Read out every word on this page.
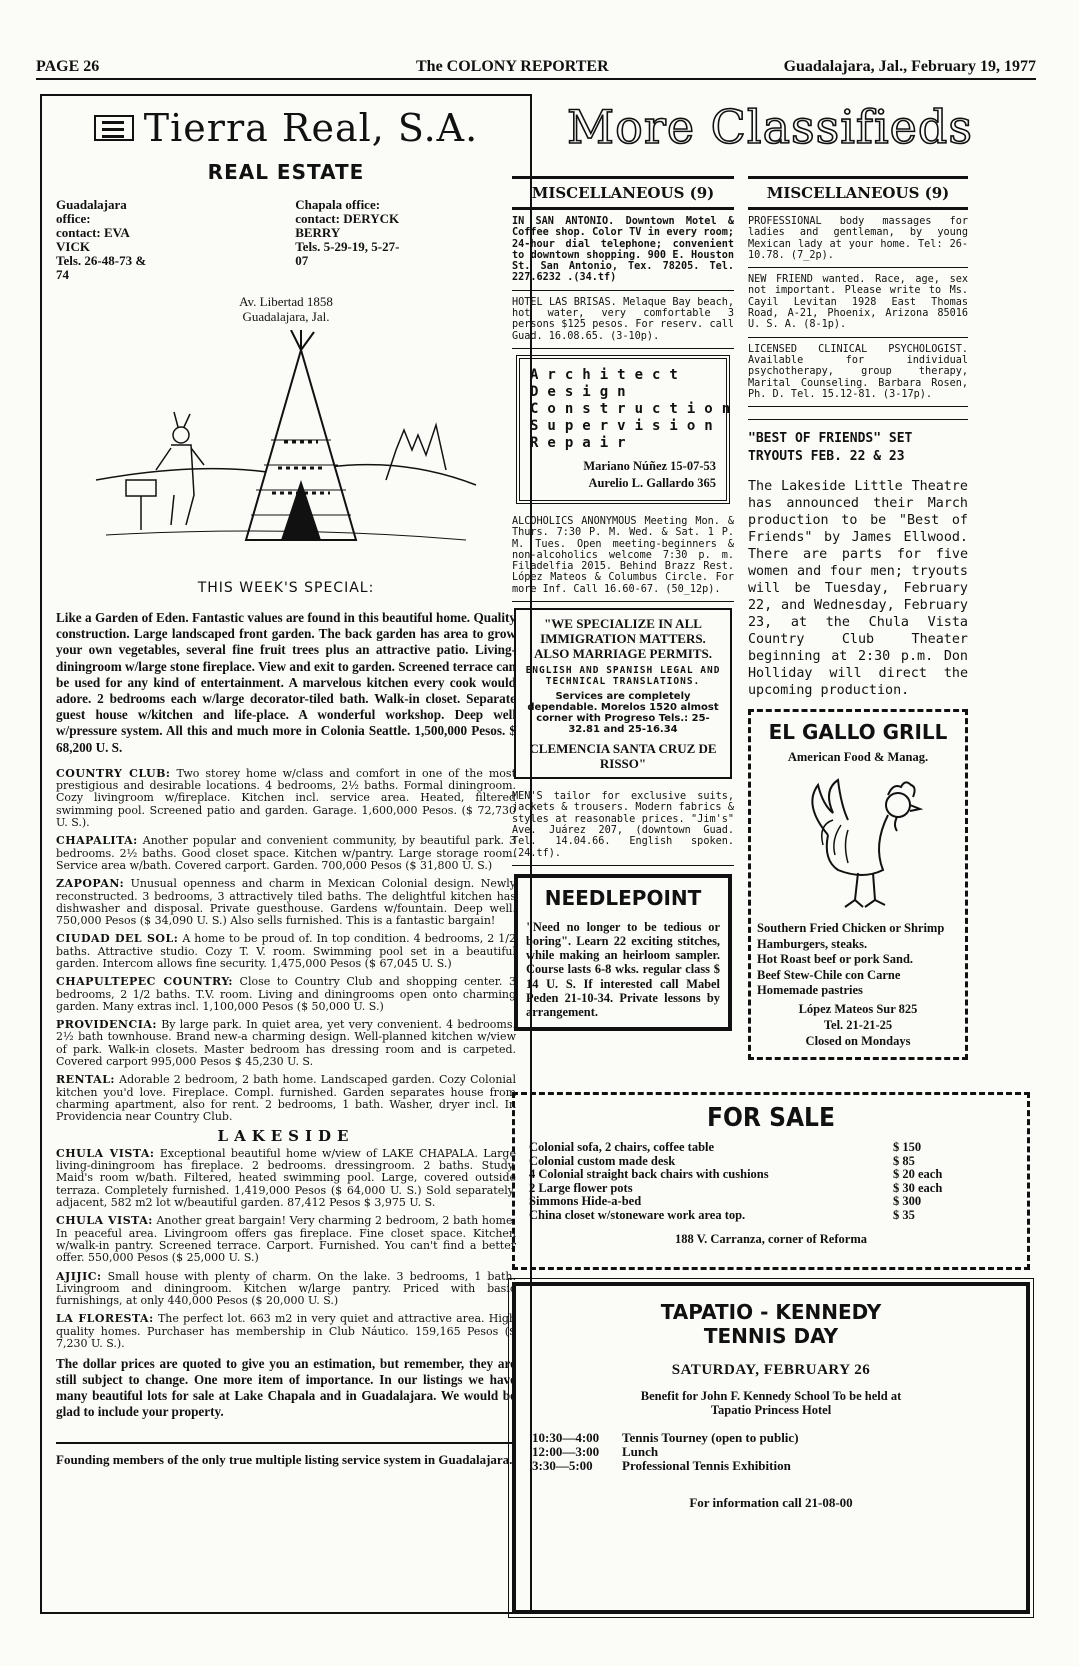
PAGE 26	The COLONY REPORTER	Guadalajara, Jal., February 19, 1977
Tierra Real, S.A.
REAL ESTATE
Guadalajara office:
contact: EVA VICK
Tels. 26-48-73 & 74
Chapala office:
contact: DERYCK BERRY
Tels. 5-29-19, 5-27-07
Av. Libertad 1858
Guadalajara, Jal.
THIS WEEK'S SPECIAL:
Like a Garden of Eden. Fantastic values are found in this beautiful home. Quality construction. Large landscaped front garden. The back garden has area to grow your own vegetables, several fine fruit trees plus an attractive patio. Living-diningroom w/large stone fireplace. View and exit to garden. Screened terrace can be used for any kind of entertainment. A marvelous kitchen every cook would adore. 2 bedrooms each w/large decorator-tiled bath. Walk-in closet. Separate guest house w/kitchen and life-place. A wonderful workshop. Deep well w/pressure system. All this and much more in Colonia Seattle. 1,500,000 Pesos. $ 68,200 U. S.

COUNTRY CLUB: Two storey home w/class and comfort in one of the most prestigious and desirable locations. 4 bedrooms, 2½ baths. Formal diningroom. Cozy livingroom w/fireplace. Kitchen incl. service area. Heated, filtered swimming pool. Screened patio and garden. Garage. 1,600,000 Pesos. ($ 72,730 U. S.).

CHAPALITA: Another popular and convenient community, by beautiful park. 3 bedrooms. 2½ baths. Good closet space. Kitchen w/pantry. Large storage room. Service area w/bath. Covered carport. Garden. 700,000 Pesos ($ 31,800 U. S.)

ZAPOPAN: Unusual openness and charm in Mexican Colonial design. Newly reconstructed. 3 bedrooms, 3 attractively tiled baths. The delightful kitchen has dishwasher and disposal. Private guesthouse. Gardens w/fountain. Deep well. 750,000 Pesos ($ 34,090 U. S.) Also sells furnished. This is a fantastic bargain!

CIUDAD DEL SOL: A home to be proud of. In top condition. 4 bedrooms, 2 1/2 baths. Attractive studio. Cozy T. V. room. Swimming pool set in a beautiful garden. Intercom allows fine security. 1,475,000 Pesos ($ 67,045 U. S.)

CHAPULTEPEC COUNTRY: Close to Country Club and shopping center. 3 bedrooms, 2 1/2 baths. T.V. room. Living and diningrooms open onto charming garden. Many extras incl. 1,100,000 Pesos ($ 50,000 U. S.)

PROVIDENCIA: By large park. In quiet area, yet very convenient. 4 bedrooms. 2½ bath townhouse. Brand new-a charming design. Well-planned kitchen w/view of park. Walk-in closets. Master bedroom has dressing room and is carpeted. Covered carport 995,000 Pesos $ 45,230 U. S.

RENTAL: Adorable 2 bedroom, 2 bath home. Landscaped garden. Cozy Colonial kitchen you'd love. Fireplace. Compl. furnished. Garden separates house from charming apartment, also for rent. 2 bedrooms, 1 bath. Washer, dryer incl. In Providencia near Country Club.

LAKESIDE

CHULA VISTA: Exceptional beautiful home w/view of LAKE CHAPALA. Large living-diningroom has fireplace. 2 bedrooms. dressingroom. 2 baths. Study. Maid's room w/bath. Filtered, heated swimming pool. Large, covered outside terraza. Completely furnished. 1,419,000 Pesos ($ 64,000 U. S.) Sold separately, adjacent, 582 m2 lot w/beautiful garden. 87,412 Pesos $ 3,975 U. S.

CHULA VISTA: Another great bargain! Very charming 2 bedroom, 2 bath home. In peaceful area. Livingroom offers gas fireplace. Fine closet space. Kitchen w/walk-in pantry. Screened terrace. Carport. Furnished. You can't find a better offer. 550,000 Pesos ($ 25,000 U. S.)

AJIJIC: Small house with plenty of charm. On the lake. 3 bedrooms, 1 bath. Livingroom and diningroom. Kitchen w/large pantry. Priced with basic furnishings, at only 440,000 Pesos ($ 20,000 U. S.)

LA FLORESTA: The perfect lot. 663 m2 in very quiet and attractive area. High quality homes. Purchaser has membership in Club Náutico. 159,165 Pesos ($ 7,230 U. S.).

The dollar prices are quoted to give you an estimation, but remember, they are still subject to change. One more item of importance. In our listings we have many beautiful lots for sale at Lake Chapala and in Guadalajara. We would be glad to include your property.
Founding members of the only true multiple listing service system in Guadalajara.
More Classifieds
MISCELLANEOUS (9)
IN SAN ANTONIO. Downtown Motel & Coffee shop. Color TV in every room; 24-hour dial telephone; convenient to downtown shopping. 900 E. Houston St. San Antonio, Tex. 78205. Tel. 227.6232 .(34.tf)
HOTEL LAS BRISAS. Melaque Bay beach, hot water, very comfortable 3 persons $125 pesos. For reserv. call Guad. 16.08.65. (3-10p).
Architect
Design
Construction
Supervision
Repair
Mariano Núñez 15-07-53
Aurelio L. Gallardo 365
ALCOHOLICS ANONYMOUS Meeting Mon. & Thurs. 7:30 P. M. Wed. & Sat. 1 P. M. Tues. Open meeting-beginners & non-alcoholics welcome 7:30 p. m. Filadelfia 2015. Behind Brazz Rest. López Mateos & Columbus Circle. For more Inf. Call 16.60-67. (50_12p).
"WE SPECIALIZE IN ALL IMMIGRATION MATTERS. ALSO MARRIAGE PERMITS.
ENGLISH AND SPANISH LEGAL AND TECHNICAL TRANSLATIONS.
Services are completely dependable. Morelos 1520 almost corner with Progreso Tels.: 25-32.81 and 25-16.34
CLEMENCIA SANTA CRUZ DE RISSO"
MEN'S tailor for exclusive suits, jackets & trousers. Modern fabrics & styles at reasonable prices. "Jim's" Ave. Juárez 207, (downtown Guad. Tel. 14.04.66. English spoken. (24.tf).
NEEDLEPOINT
"Need no longer to be tedious or boring". Learn 22 exciting stitches, while making an heirloom sampler. Course lasts 6-8 wks. regular class $ 14 U. S. If interested call Mabel Peden 21-10-34. Private lessons by arrangement.
MISCELLANEOUS (9)
PROFESSIONAL body massages for ladies and gentleman, by young Mexican lady at your home. Tel: 26-10.78. (7_2p).
NEW FRIEND wanted. Race, age, sex not important. Please write to Ms. Cayil Levitan 1928 East Thomas Road, A-21, Phoenix, Arizona 85016 U. S. A. (8-1p).
LICENSED CLINICAL PSYCHOLOGIST. Available for individual psychotherapy, group therapy, Marital Counseling. Barbara Rosen, Ph. D. Tel. 15.12-81. (3-17p).
"BEST OF FRIENDS" SET TRYOUTS FEB. 22 & 23
The Lakeside Little Theatre has announced their March production to be "Best of Friends" by James Ellwood. There are parts for five women and four men; tryouts will be Tuesday, February 22, and Wednesday, February 23, at the Chula Vista Country Club Theater beginning at 2:30 p.m. Don Holliday will direct the upcoming production.
EL GALLO GRILL
American Food & Manag.
Southern Fried Chicken or Shrimp
Hamburgers, steaks.
Hot Roast beef or pork Sand.
Beef Stew-Chile con Carne
Homemade pastries
López Mateos Sur 825
Tel. 21-21-25
Closed on Mondays
FOR SALE
Colonial sofa, 2 chairs, coffee table	$ 150
Colonial custom made desk	$ 85
4 Colonial straight back chairs with cushions	$ 20 each
2 Large flower pots	$ 30 each
Simmons Hide-a-bed	$ 300
China closet w/stoneware work area top.	$ 35
188 V. Carranza, corner of Reforma
TAPATIO - KENNEDY
TENNIS DAY
SATURDAY, FEBRUARY 26
Benefit for John F. Kennedy School To be held at Tapatio Princess Hotel
10:30—4:00	Tennis Tourney (open to public)
12:00—3:00	Lunch
3:30—5:00	Professional Tennis Exhibition
For information call 21-08-00
